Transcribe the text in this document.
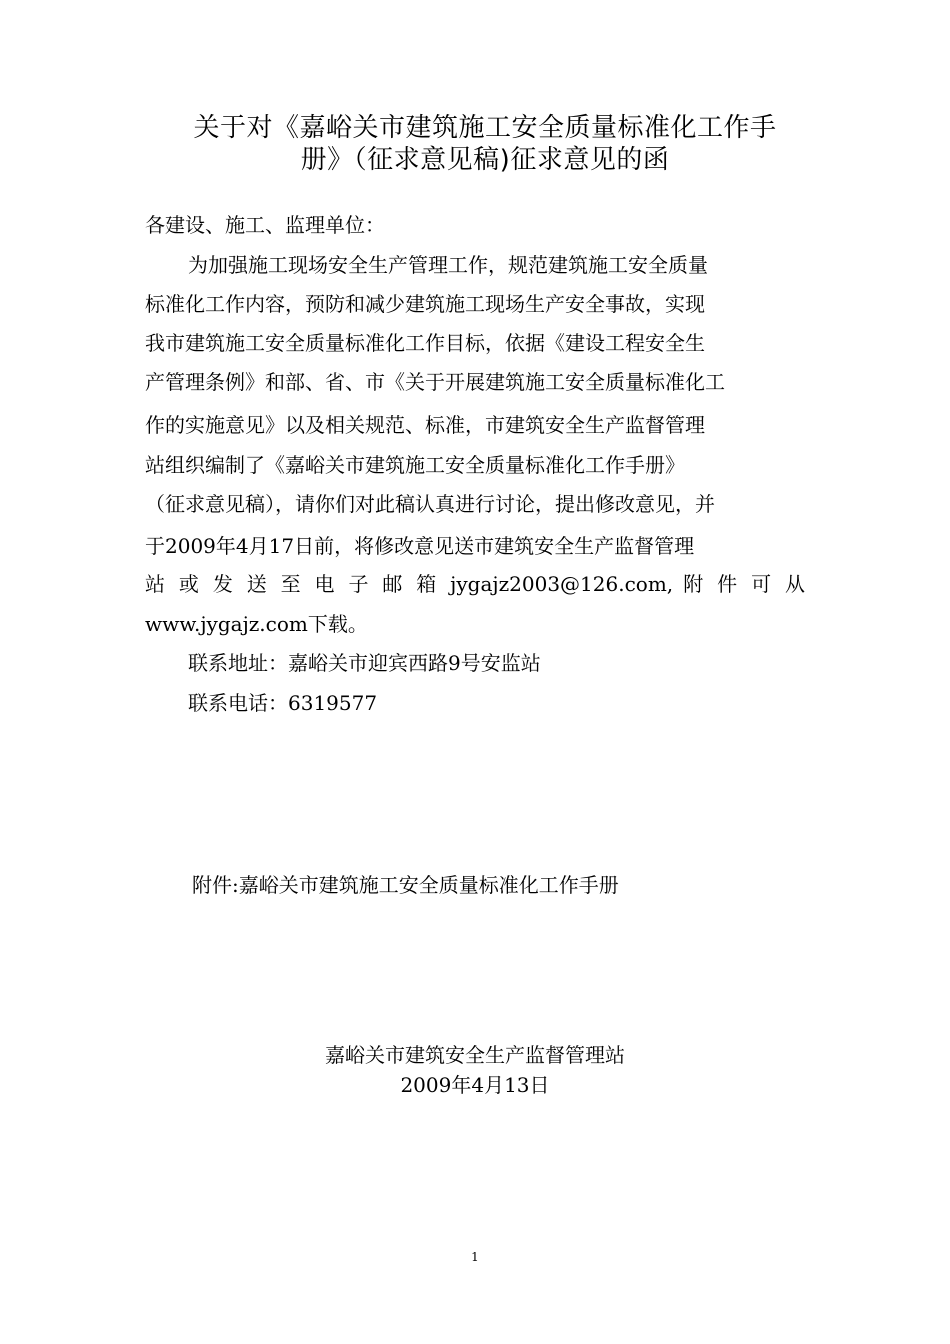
关于对《嘉峪关市建筑施工安全质量标准化工作手
册》（征求意见稿)征求意见的函
各建设、施工、监理单位：
为加强施工现场安全生产管理工作，规范建筑施工安全质量
标准化工作内容，预防和减少建筑施工现场生产安全事故，实现
我市建筑施工安全质量标准化工作目标，依据《建设工程安全生
产管理条例》和部、省、市《关于开展建筑施工安全质量标准化工
作的实施意见》以及相关规范、标准，市建筑安全生产监督管理
站组织编制了《嘉峪关市建筑施工安全质量标准化工作手册》
（征求意见稿），请你们对此稿认真进行讨论，提出修改意见，并
于2009年4月17日前，将修改意见送市建筑安全生产监督管理
站 或 发 送 至 电 子 邮 箱 jygajz2003@126.com, 附 件 可 从
www.jygajz.com下载。
联系地址：嘉峪关市迎宾西路9号安监站
联系电话：6319577
附件:嘉峪关市建筑施工安全质量标准化工作手册
嘉峪关市建筑安全生产监督管理站
2009年4月13日
1
